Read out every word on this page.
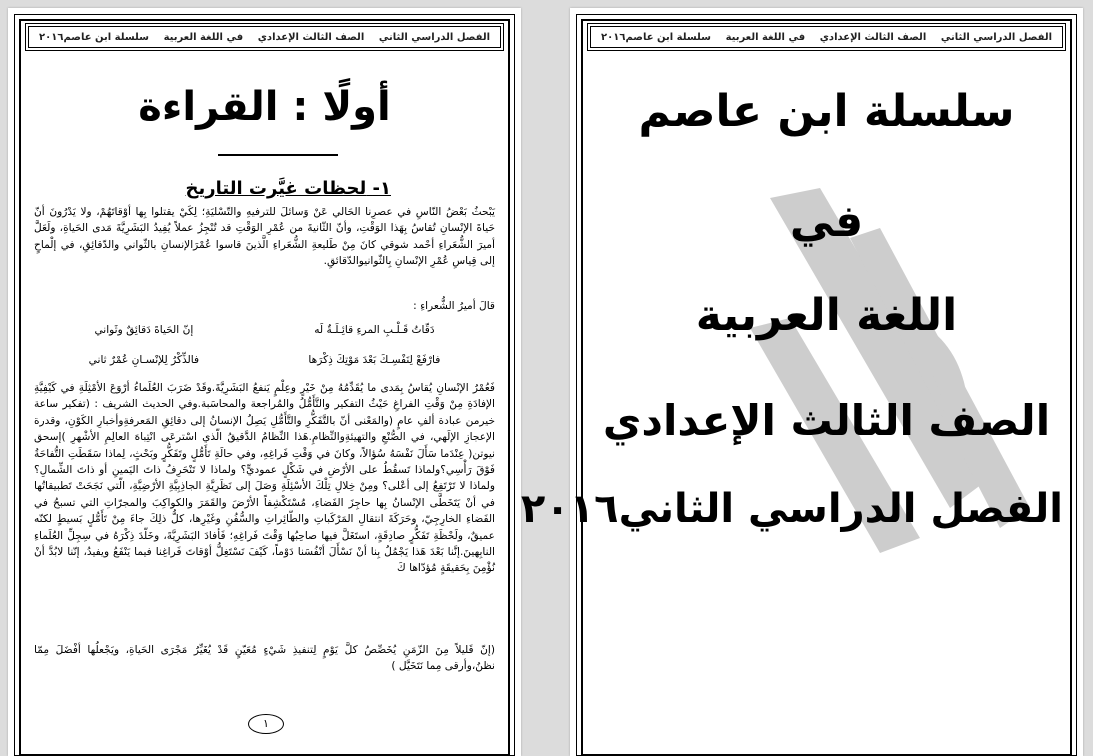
سلسلة ابن عاصم٢٠١٦ في اللغة العربية الصف الثالث الإعدادي الفصل الدراسي الثاني
أولًا : القراءة
١- لحظات غيَّرت التاريخ
يَبْحثُ بَعْضُ النّاسِ في عصرِنا الحَالي عَنْ وَسائلَ للترفيهِ والتّسْليَةِ؛ لِكَيْ يقتلوا بِها أوْقاتَهُمْ، ولا يَدْرُونَ أنّ حَياةَ الإنْسانِ تُقاسُ بِهَذا الوَقْتِ، وأنّ الثّانيةَ من عُمْرِ الوَقْتِ قد تُنْجِزُ عملاً يُفِيدُ البَشَرِيَّةَ مَدى الحَياةِ، ولَعَلَّ أميرَ الشُّعَراءِ أحْمد شوقي كانَ مِنْ طَليعةِ الشُّعَراءِ الَّذينَ قاسوا عُمْرَالإنسانِ بالثّواني والدّقائِقِ، في إلْماحٍ إلى قِياسِ عُمْرِ الإنْسانِ بِالثّوانيوالدّقائقِ.
قالَ أميرُ الشُّعراءِ :
دَقّاتُ قَـلْـبِ المرءِ قائِـلَـةٌ لَه
إنّ الحَياةَ دَقائِقٌ وثَواني
فارْفَعْ لِنَفْسِـكَ بَعْدَ مَوْتِكَ ذِكْرَها
فالذِّكْرُ لِلإنْسـانِ عُمْرٌ ثاني
فَعُمْرُ الإنْسانِ يُقاسُ بِمَدى ما يُقَدِّمُهُ مِنْ خَيْرٍ وعِلْمٍ يَنفعُ البَشَرِيَّةَ.وقَدْ ضَرَبَ العُلَماءُ أرْوَعَ الأمْثِلَةِ في كَيْفِيَّةِ الإفادَةِ مِنْ وَقْتِ الفراغِ حَيْثُ التفكير والتَّأَمُّلُ والمُراجعة والمحاسَبة.وفي الحديث الشريف : (تفكير ساعة خيرمن عبادة ألفِ عامٍ (والمَعْنى أنّ بالتَّفَكُّرِ والتَّأَمُّلِ يَصِلُ الإنسانُ إلى دقائِقِ المَعرفةِوأخبارِ الكَوْنِ، وقدرة الإعجازِ الإلَهي، في الصُّنْعِ والتهيئةِوالنِّظامِ.هَذا النِّظامُ الدَّقيقُ الّذي اسْترعَى انْتِباهَ العالِمِ الأشْهرِ )إسحق نيوتن( عِنْدَما سَأَلَ نَفْسَهُ سُؤالاً، وكانَ في وَقْتِ فَراغِهِ، وفي حالَةِ تَأَمُّلٍ وتَفَكُّرٍ وبَحْثٍ، لِماذا سَقَطَتِ التُّفاحَةُ فَوْقَ رَأْسِي؟ولماذا تَسقُطُ على الأرْضِ في شَكْلٍ عموديٍّ؟ ولماذا لا تَنْحَرِفُ ذاتَ اليَمينِ أو ذاتَ الشِّمالِ؟ ولماذا لا تَرْتَفِعُ إلى أعْلى؟ ومِنْ خِلالِ تِلْكَ الأسْئِلَةِ وَصَلَ إلى نَظَرِيَّةِ الجاذِبِيَّةِ الأرْضِيَّةِ، الّتي نَجَحَتْ تَطبيقاتُها في أنْ يَتَخَطَّى الإنْسانُ بِها حاجِزَ الفَضاءِ، مُسْتَكْشِفاً الأرْضَ والقَمَرَ والكواكِبَ والمجرّاتِ التي تسبحُ في الفَضاءِ الخارِجِيّ، وحَرَكَةَ انتقالِ المَرْكَباتِ والطّائِراتِ والسُّفُنِ وغَيْرِها، كلُّ ذلِكَ جاءَ مِنْ تَأَمُّلٍ بَسيطٍ لكنّه عميقٌ، ولَحْظَةِ تَفَكُّرٍ صادِقَةٍ، استَغَلَّ فيها صاحِبُها وَقْتَ فَراغِهِ؛ فَأفادَ البَشَرِيَّةَ، وخَلّدَ ذِكْرَهُ في سِجِلِّ العُلَماءِ النابِهينَ.إنَّنا بَعْدَ هَذا يَجْمُلُ بِنا أنْ نَسْأَلَ أنْفُسَنا دَوْماً، كَيْفَ نَسْتَغِلُّ أوْقاتَ فَراغِنا فيما يَنْفَعُ ويفيدُ، إنّنا لابُدَّ أنْ نُؤْمِنَ بِحَقيقَةٍ مُؤدّاها كَ
(إنّ قَليلاً مِنَ الزّمَنِ يُخَصِّصُ كلَّ يَوْمٍ لِتنفيذِ شَيْءٍ مُعَيّنٍ قَدْ يُغَيِّرُ مَجْرَى الحَياةِ، ويَجْعلُها أفْضَلَ مِمّا نظنُ،وأرقى مِما نَتَخَيَّل )
١
سلسلة ابن عاصم٢٠١٦ في اللغة العربية الصف الثالث الإعدادي الفصل الدراسي الثاني
سلسلة ابن عاصم
في
اللغة العربية
الصف الثالث الإعدادي
الفصل الدراسي الثاني٢٠١٦
